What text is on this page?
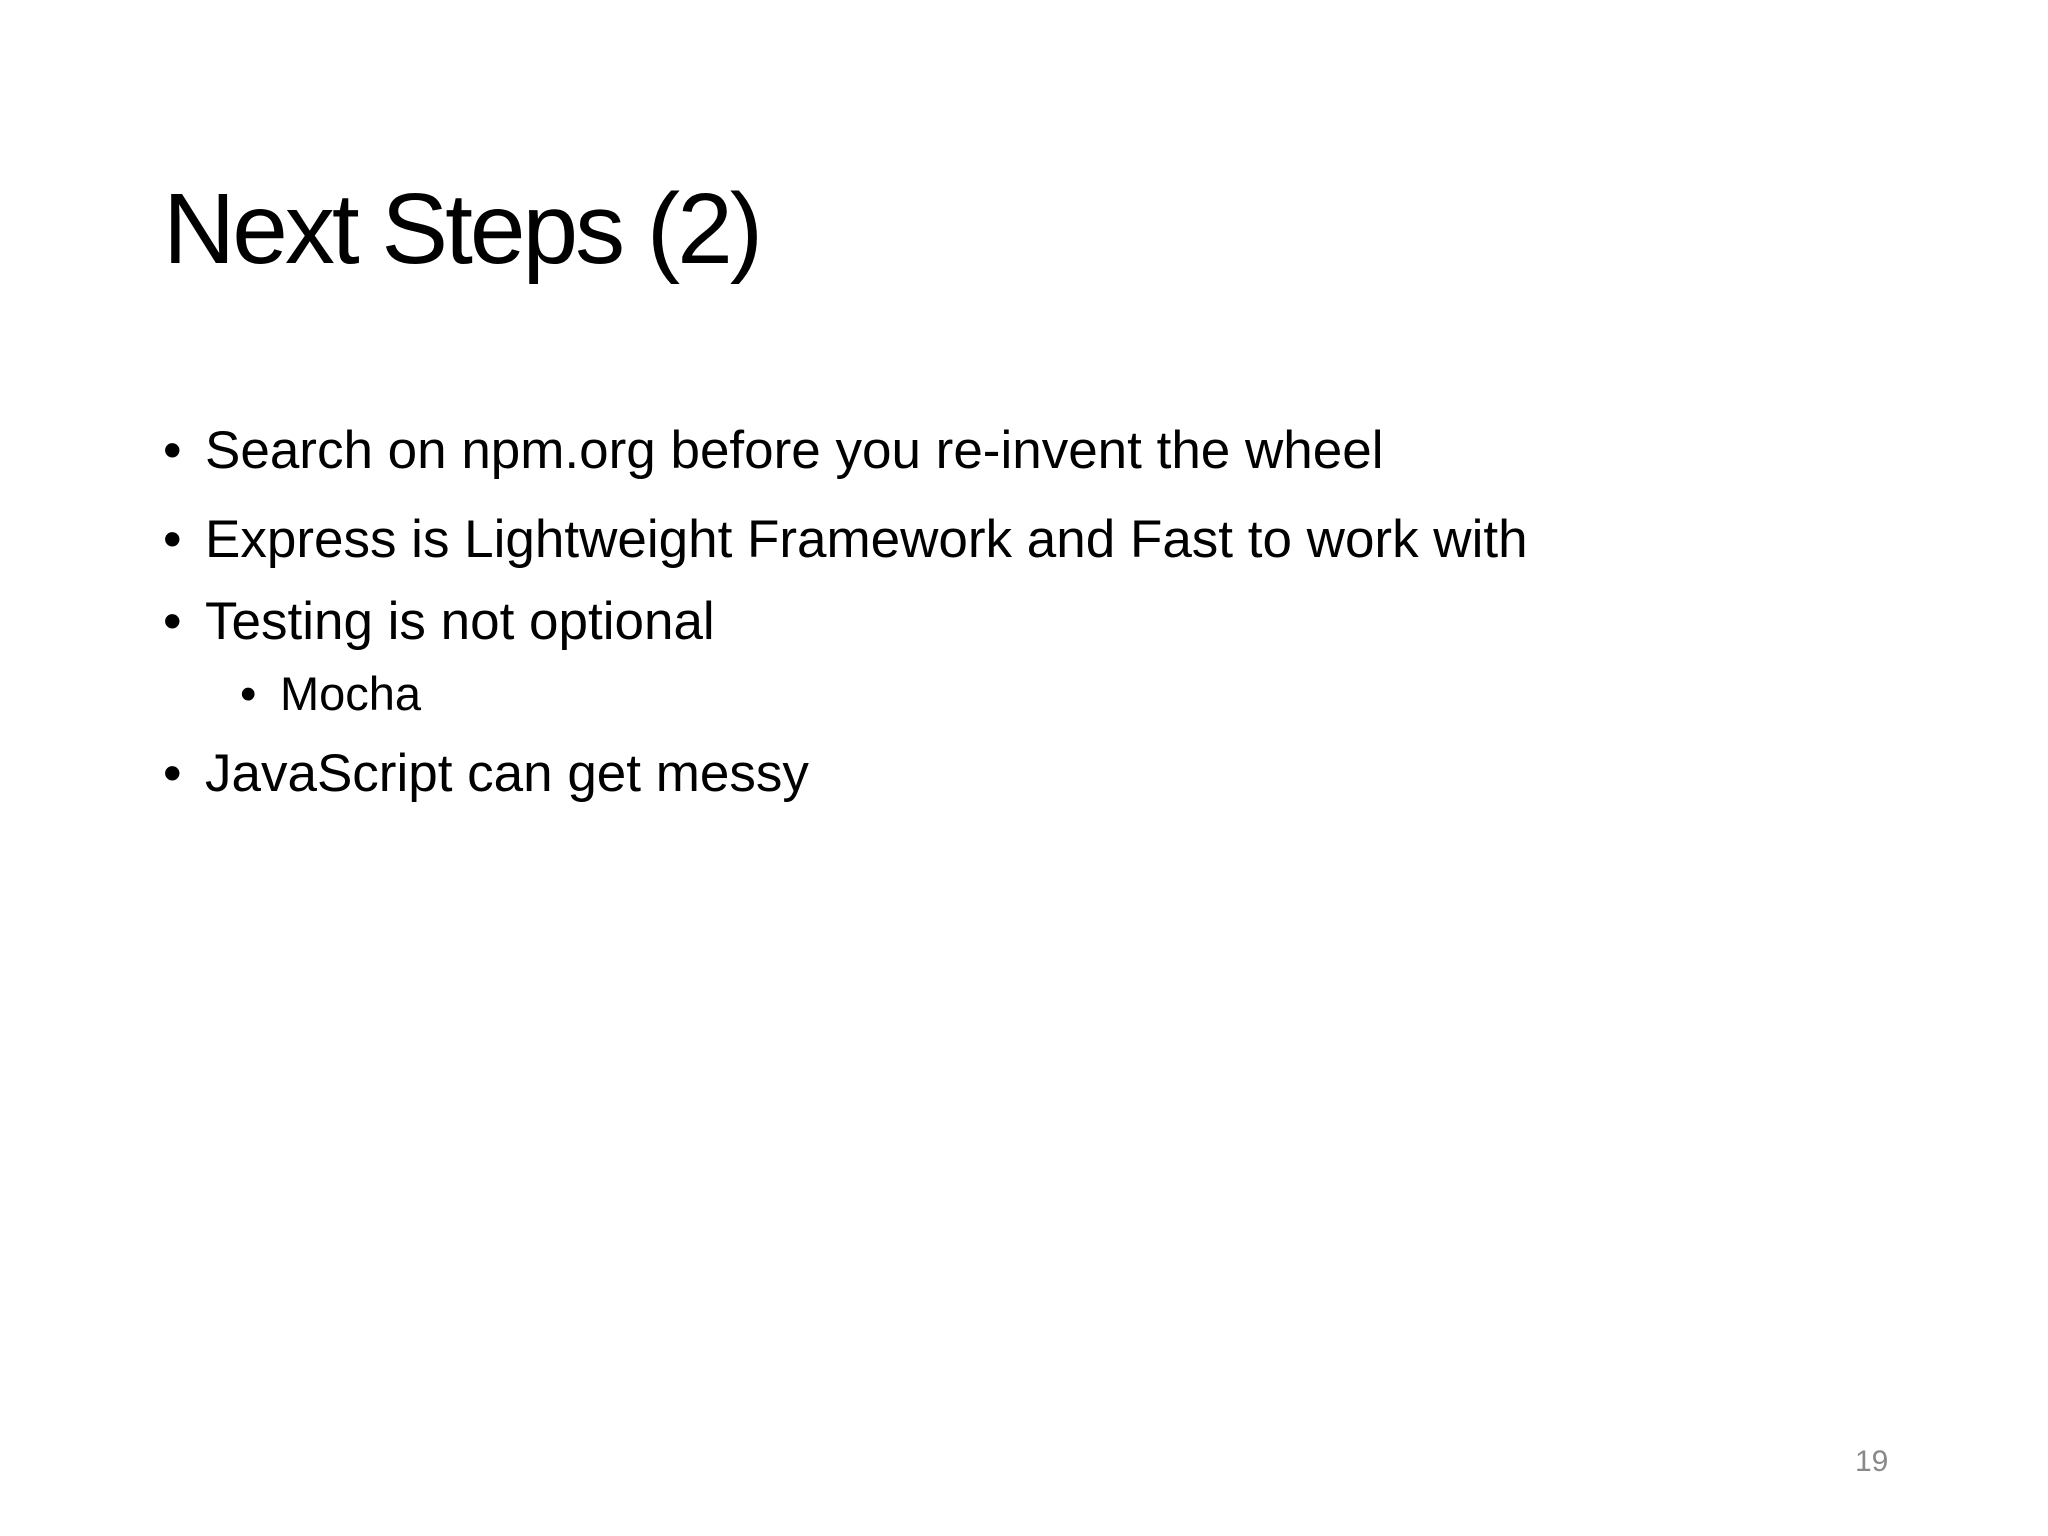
Next Steps (2)
• Search on npm.org before you re-invent the wheel
• Express is Lightweight Framework and Fast to work with
• Testing is not optional
• Mocha
• JavaScript can get messy
19
